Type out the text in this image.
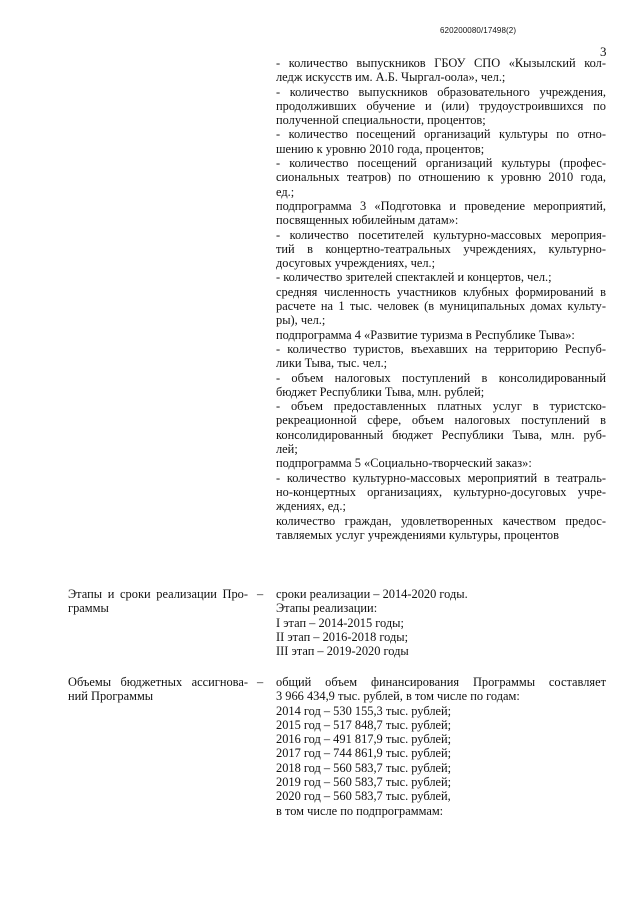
620200080/17498(2)
3
- количество выпускников ГБОУ СПО «Кызылский кол-
ледж искусств им. А.Б. Чыргал-оола», чел.;
- количество выпускников образовательного учреждения,
продолживших обучение и (или) трудоустроившихся по
полученной специальности, процентов;
- количество посещений организаций культуры по отно-
шению к уровню 2010 года, процентов;
- количество посещений организаций культуры (профес-
сиональных театров) по отношению к уровню 2010 года,
ед.;
подпрограмма 3 «Подготовка и проведение мероприятий,
посвященных юбилейным датам»:
- количество посетителей культурно-массовых мероприя-
тий в концертно-театральных учреждениях, культурно-
досуговых учреждениях, чел.;
- количество зрителей спектаклей и концертов, чел.;
средняя численность участников клубных формирований в
расчете на 1 тыс. человек (в муниципальных домах культу-
ры), чел.;
подпрограмма 4 «Развитие туризма в Республике Тыва»:
- количество туристов, въехавших на территорию Респуб-
лики Тыва, тыс. чел.;
- объем налоговых поступлений в консолидированный
бюджет Республики Тыва, млн. рублей;
- объем предоставленных платных услуг в туристско-
рекреационной сфере, объем налоговых поступлений в
консолидированный бюджет Республики Тыва, млн. руб-
лей;
подпрограмма 5 «Социально-творческий заказ»:
- количество культурно-массовых мероприятий в театраль-
но-концертных организациях, культурно-досуговых учре-
ждениях, ед.;
количество граждан, удовлетворенных качеством предос-
тавляемых услуг учреждениями культуры, процентов
Этапы и сроки реализации Про-
граммы
– сроки реализации – 2014-2020 годы.
Этапы реализации:
I этап – 2014-2015 годы;
II этап – 2016-2018 годы;
III этап – 2019-2020 годы
Объемы бюджетных ассигнова-
ний Программы
– общий объем финансирования Программы составляет
3 966 434,9 тыс. рублей, в том числе по годам:
2014 год – 530 155,3 тыс. рублей;
2015 год – 517 848,7 тыс. рублей;
2016 год – 491 817,9 тыс. рублей;
2017 год – 744 861,9 тыс. рублей;
2018 год – 560 583,7 тыс. рублей;
2019 год – 560 583,7 тыс. рублей;
2020 год – 560 583,7 тыс. рублей,
в том числе по подпрограммам:
